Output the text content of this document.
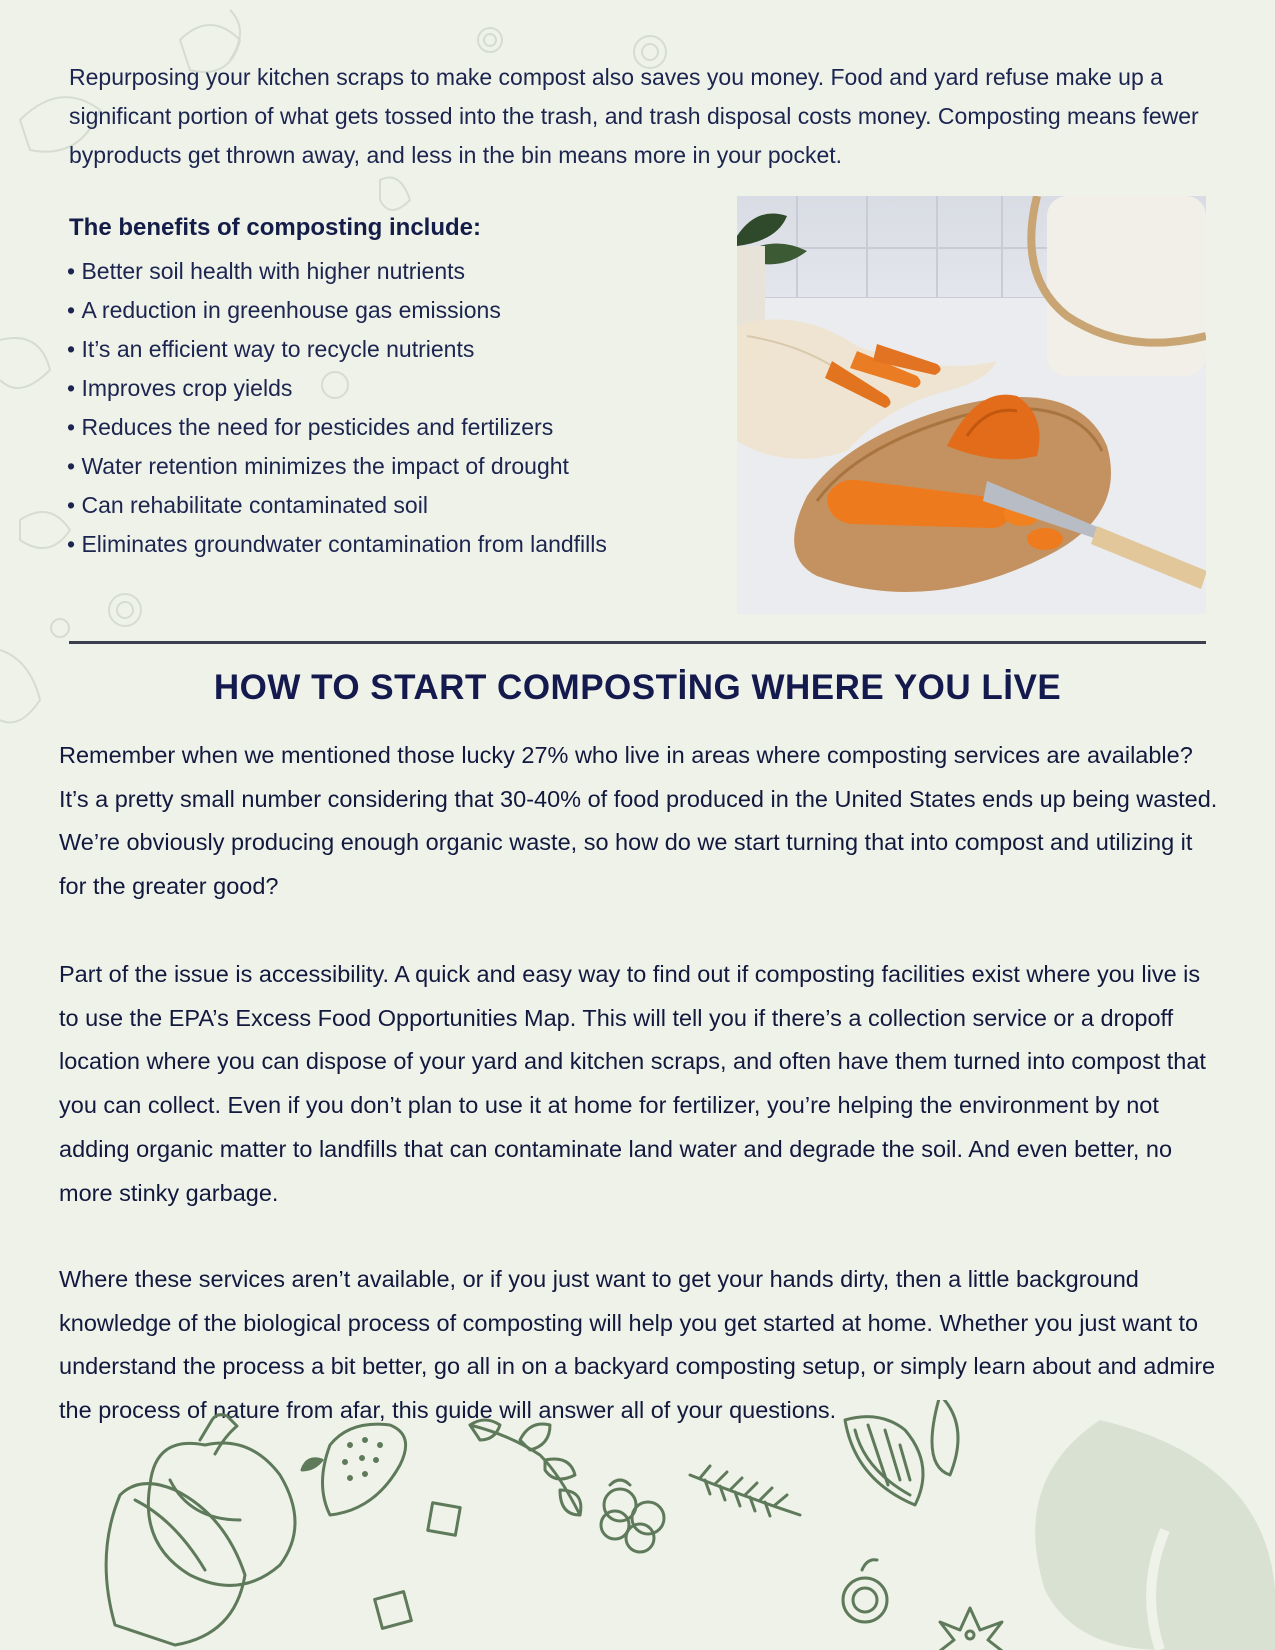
Repurposing your kitchen scraps to make compost also saves you money. Food and yard refuse make up a significant portion of what gets tossed into the trash, and trash disposal costs money. Composting means fewer byproducts get thrown away, and less in the bin means more in your pocket.
The benefits of composting include:
• Better soil health with higher nutrients
• A reduction in greenhouse gas emissions
• It’s an efficient way to recycle nutrients
• Improves crop yields
• Reduces the need for pesticides and fertilizers
• Water retention minimizes the impact of drought
• Can rehabilitate contaminated soil
• Eliminates groundwater contamination from landfills
HOW TO START COMPOSTİNG WHERE YOU LİVE

Remember when we mentioned those lucky 27% who live in areas where composting services are available? It’s a pretty small number considering that 30-40% of food produced in the United States ends up being wasted. We’re obviously producing enough organic waste, so how do we start turning that into compost and utilizing it for the greater good?

Part of the issue is accessibility. A quick and easy way to find out if composting facilities exist where you live is to use the EPA’s Excess Food Opportunities Map. This will tell you if there’s a collection service or a dropoff location where you can dispose of your yard and kitchen scraps, and often have them turned into compost that you can collect. Even if you don’t plan to use it at home for fertilizer, you’re helping the environment by not adding organic matter to landfills that can contaminate land water and degrade the soil. And even better, no more stinky garbage.

Where these services aren’t available, or if you just want to get your hands dirty, then a little background knowledge of the biological process of composting will help you get started at home. Whether you just want to understand the process a bit better, go all in on a backyard composting setup, or simply learn about and admire the process of nature from afar, this guide will answer all of your questions.
